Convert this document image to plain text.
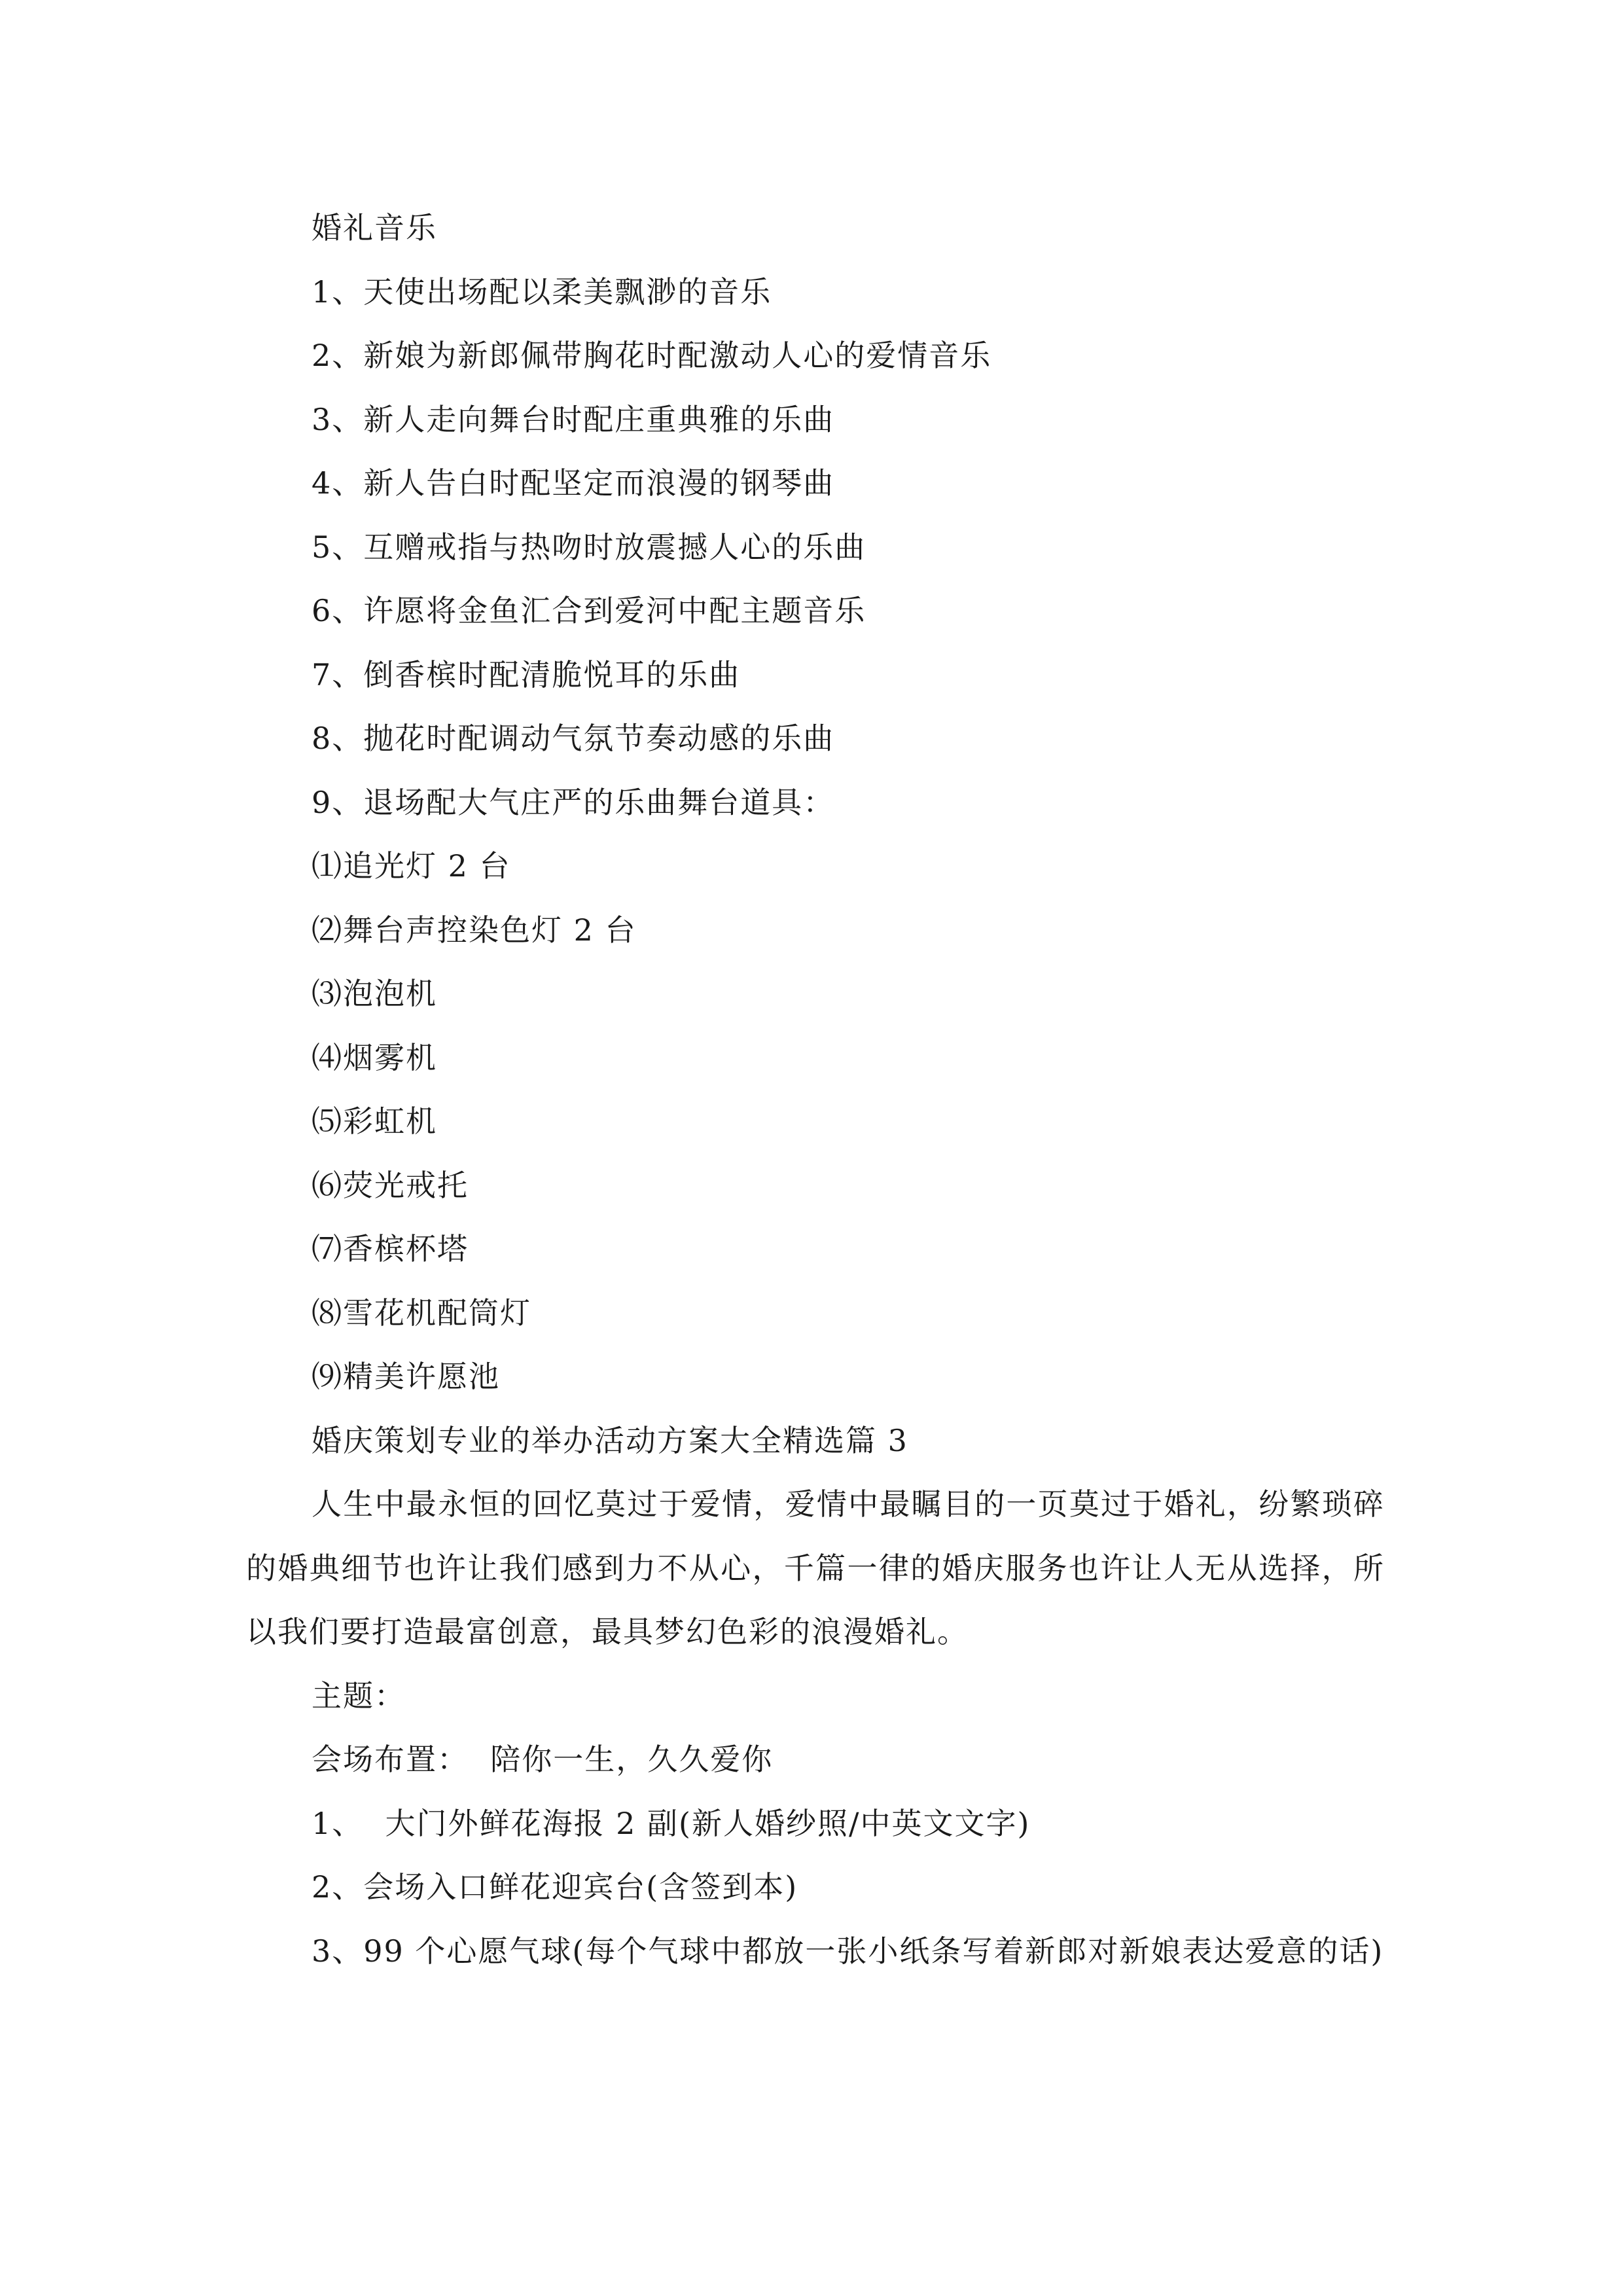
婚礼音乐
1、天使出场配以柔美飘渺的音乐
2、新娘为新郎佩带胸花时配激动人心的爱情音乐
3、新人走向舞台时配庄重典雅的乐曲
4、新人告白时配坚定而浪漫的钢琴曲
5、互赠戒指与热吻时放震撼人心的乐曲
6、许愿将金鱼汇合到爱河中配主题音乐
7、倒香槟时配清脆悦耳的乐曲
8、抛花时配调动气氛节奏动感的乐曲
9、退场配大气庄严的乐曲舞台道具：
⑴追光灯 2 台
⑵舞台声控染色灯 2 台
⑶泡泡机
⑷烟雾机
⑸彩虹机
⑹荧光戒托
⑺香槟杯塔
⑻雪花机配筒灯
⑼精美许愿池
婚庆策划专业的举办活动方案大全精选篇 3

人生中最永恒的回忆莫过于爱情，爱情中最瞩目的一页莫过于婚礼，纷繁琐碎的婚典细节也许让我们感到力不从心，千篇一律的婚庆服务也许让人无从选择，所以我们要打造最富创意，最具梦幻色彩的浪漫婚礼。

主题：
会场布置：  陪你一生，久久爱你
1、  大门外鲜花海报 2 副(新人婚纱照/中英文文字)
2、会场入口鲜花迎宾台(含签到本)

3、99 个心愿气球(每个气球中都放一张小纸条写着新郎对新娘表达爱意的话)
